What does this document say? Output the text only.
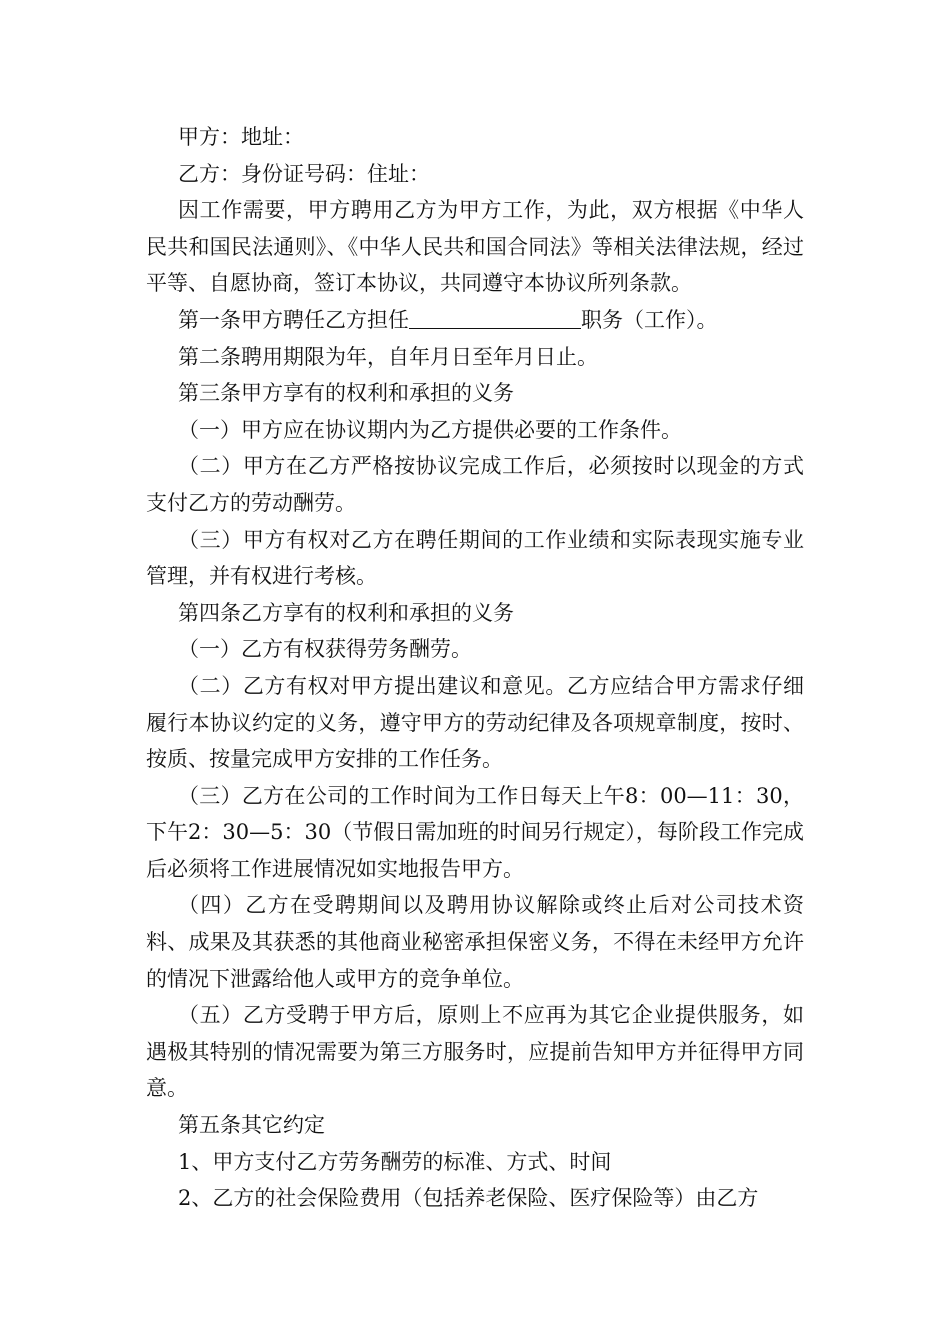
甲方：地址：

乙方：身份证号码：住址：

因工作需要，甲方聘用乙方为甲方工作，为此，双方根据《中华人民共和国民法通则》、《中华人民共和国合同法》等相关法律法规，经过平等、自愿协商，签订本协议，共同遵守本协议所列条款。

第一条甲方聘任乙方担任	职务（工作）。

第二条聘用期限为年，自年月日至年月日止。

第三条甲方享有的权利和承担的义务

（一）甲方应在协议期内为乙方提供必要的工作条件。

（二）甲方在乙方严格按协议完成工作后，必须按时以现金的方式支付乙方的劳动酬劳。

（三）甲方有权对乙方在聘任期间的工作业绩和实际表现实施专业管理，并有权进行考核。

第四条乙方享有的权利和承担的义务

（一）乙方有权获得劳务酬劳。

（二）乙方有权对甲方提出建议和意见。乙方应结合甲方需求仔细履行本协议约定的义务，遵守甲方的劳动纪律及各项规章制度，按时、按质、按量完成甲方安排的工作任务。

（三）乙方在公司的工作时间为工作日每天上午8：00—11：30，下午2：30—5：30（节假日需加班的时间另行规定），每阶段工作完成后必须将工作进展情况如实地报告甲方。

（四）乙方在受聘期间以及聘用协议解除或终止后对公司技术资料、成果及其获悉的其他商业秘密承担保密义务，不得在未经甲方允许的情况下泄露给他人或甲方的竞争单位。

（五）乙方受聘于甲方后，原则上不应再为其它企业提供服务，如遇极其特别的情况需要为第三方服务时，应提前告知甲方并征得甲方同意。

第五条其它约定

1、甲方支付乙方劳务酬劳的标准、方式、时间

2、乙方的社会保险费用（包括养老保险、医疗保险等）由乙方
